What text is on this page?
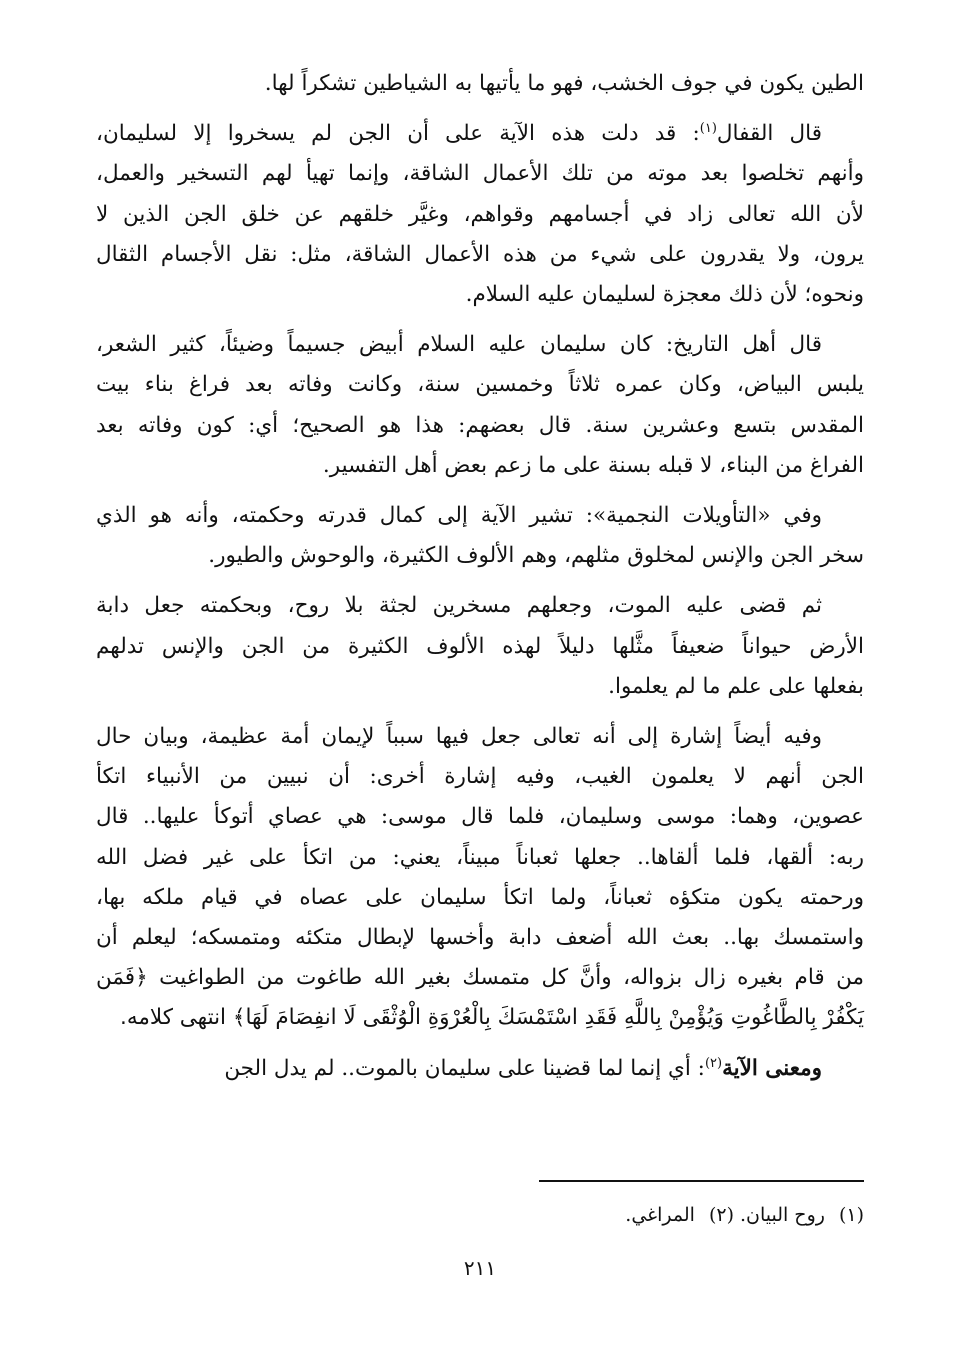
الطين يكون في جوف الخشب، فهو ما يأتيها به الشياطين تشكراً لها.

قال القفال$^{(١)}$: قد دلت هذه الآية على أن الجن لم يسخروا إلا لسليمان،
وأنهم تخلصوا بعد موته من تلك الأعمال الشاقة، وإنما تهيأ لهم التسخير والعمل،
لأن الله تعالى زاد في أجسامهم وقواهم، وغيَّر خلقهم عن خلق الجن الذين لا
يرون، ولا يقدرون على شيء من هذه الأعمال الشاقة، مثل: نقل الأجسام الثقال
ونحوه؛ لأن ذلك معجزة لسليمان عليه السلام.

قال أهل التاريخ: كان سليمان عليه السلام أبيض جسيماً وضيئاً، كثير الشعر،
يلبس البياض، وكان عمره ثلاثاً وخمسين سنة، وكانت وفاته بعد فراغ بناء بيت
المقدس بتسع وعشرين سنة. قال بعضهم: هذا هو الصحيح؛ أي: كون وفاته بعد
الفراغ من البناء، لا قبله بسنة على ما زعم بعض أهل التفسير.

وفي «التأويلات النجمية»: تشير الآية إلى كمال قدرته وحكمته، وأنه هو الذي
سخر الجن والإنس لمخلوق مثلهم، وهم الألوف الكثيرة، والوحوش والطيور.

ثم قضى عليه الموت، وجعلهم مسخرين لجثة بلا روح، وبحكمته جعل دابة
الأرض حيواناً ضعيفاً مثَّلها دليلاً لهذه الألوف الكثيرة من الجن والإنس تدلهم
بفعلها على علم ما لم يعلموا.

وفيه أيضاً إشارة إلى أنه تعالى جعل فيها سبباً لإيمان أمة عظيمة، وبيان حال
الجن أنهم لا يعلمون الغيب، وفيه إشارة أخرى: أن نبيين من الأنبياء اتكأ
عصوين، وهما: موسى وسليمان، فلما قال موسى: هي عصاي أتوكأ عليها.. قال
ربه: ألقها، فلما ألقاها.. جعلها ثعباناً مبيناً، يعني: من اتكأ على غير فضل الله
ورحمته يكون متكؤه ثعباناً، ولما اتكأ سليمان على عصاه في قيام ملكه بها،
واستمسك بها.. بعث الله أضعف دابة وأخسها لإبطال متكئه ومتمسكه؛ ليعلم أن
من قام بغيره زال بزواله، وأنَّ كل متمسك بغير الله طاغوت من الطواغيت ﴿فَمَن
يَكْفُرْ بِالطَّاغُوتِ وَيُؤْمِنْ بِاللَّهِ فَقَدِ اسْتَمْسَكَ بِالْعُرْوَةِ الْوُثْقَى لَا انفِصَامَ لَهَا﴾ انتهى كلامه.

ومعنى الآية$^{(٢)}$: أي إنما لما قضينا على سليمان بالموت.. لم يدل الجن

(١)روح البيان.
(٢)المراغي.
٢١١
